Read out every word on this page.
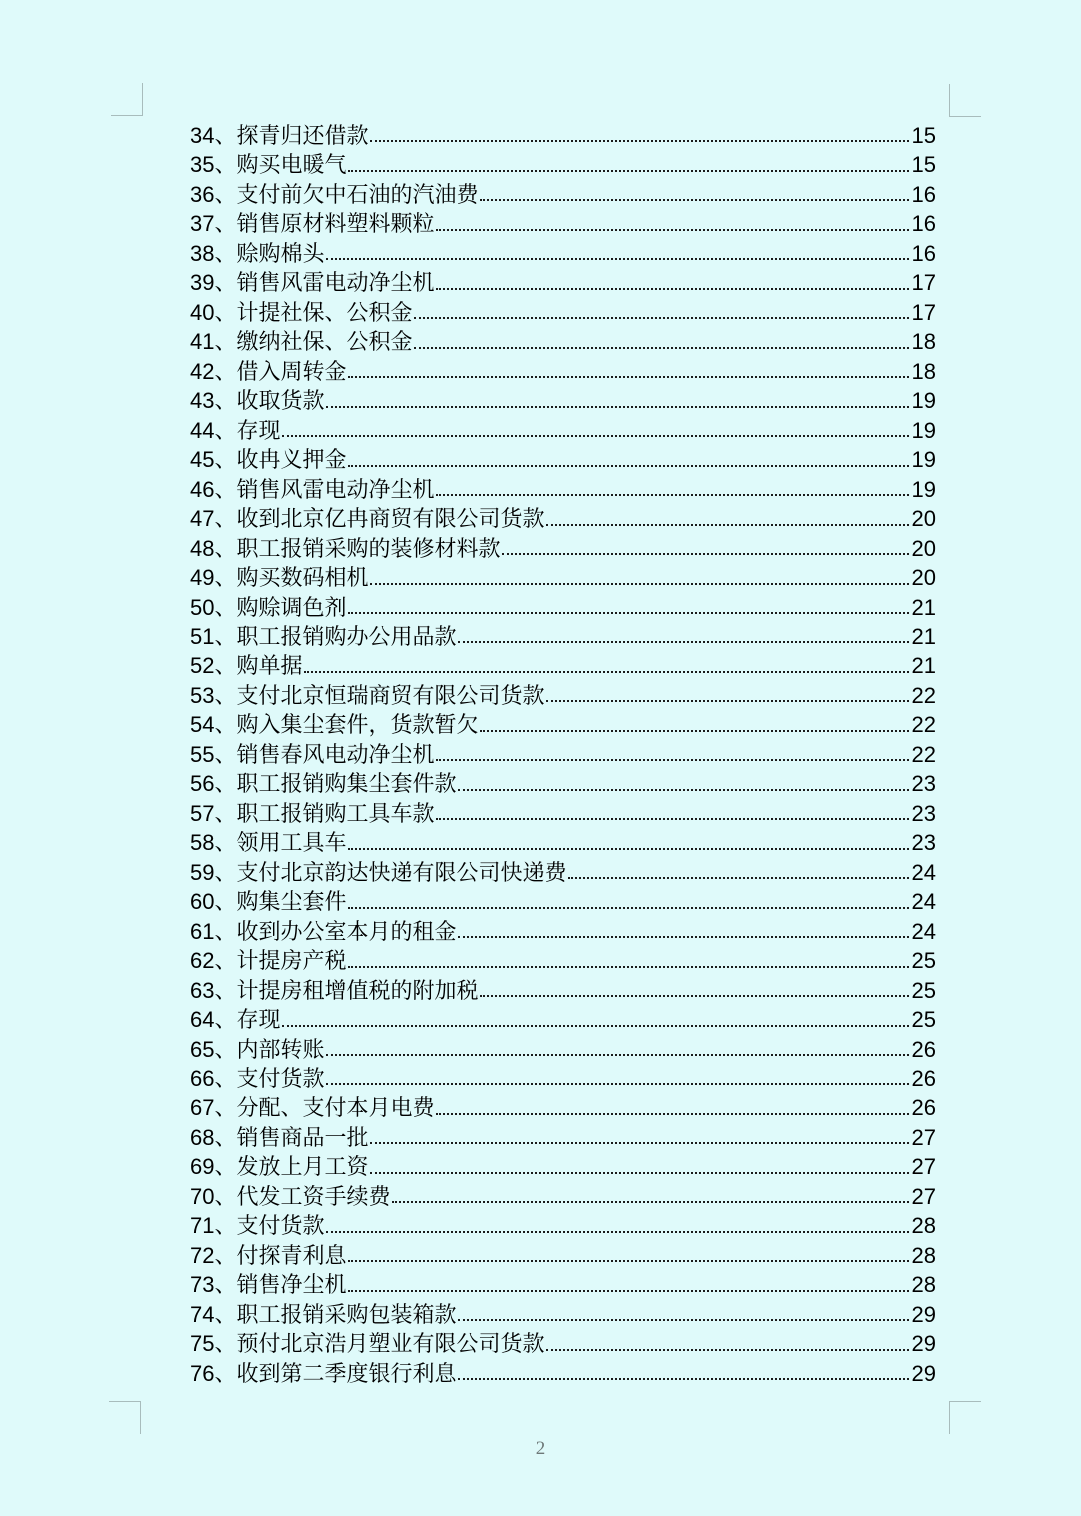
34、探青归还借款	15
35、购买电暖气	15
36、支付前欠中石油的汽油费	16
37、销售原材料塑料颗粒	16
38、赊购棉头	16
39、销售风雷电动净尘机	17
40、计提社保、公积金	17
41、缴纳社保、公积金	18
42、借入周转金	18
43、收取货款	19
44、存现	19
45、收冉义押金	19
46、销售风雷电动净尘机	19
47、收到北京亿冉商贸有限公司货款	20
48、职工报销采购的装修材料款	20
49、购买数码相机	20
50、购赊调色剂	21
51、职工报销购办公用品款	21
52、购单据	21
53、支付北京恒瑞商贸有限公司货款	22
54、购入集尘套件，货款暂欠	22
55、销售春风电动净尘机	22
56、职工报销购集尘套件款	23
57、职工报销购工具车款	23
58、领用工具车	23
59、支付北京韵达快递有限公司快递费	24
60、购集尘套件	24
61、收到办公室本月的租金	24
62、计提房产税	25
63、计提房租增值税的附加税	25
64、存现	25
65、内部转账	26
66、支付货款	26
67、分配、支付本月电费	26
68、销售商品一批	27
69、发放上月工资	27
70、代发工资手续费	27
71、支付货款	28
72、付探青利息	28
73、销售净尘机	28
74、职工报销采购包装箱款	29
75、预付北京浩月塑业有限公司货款	29
76、收到第二季度银行利息	29
2
